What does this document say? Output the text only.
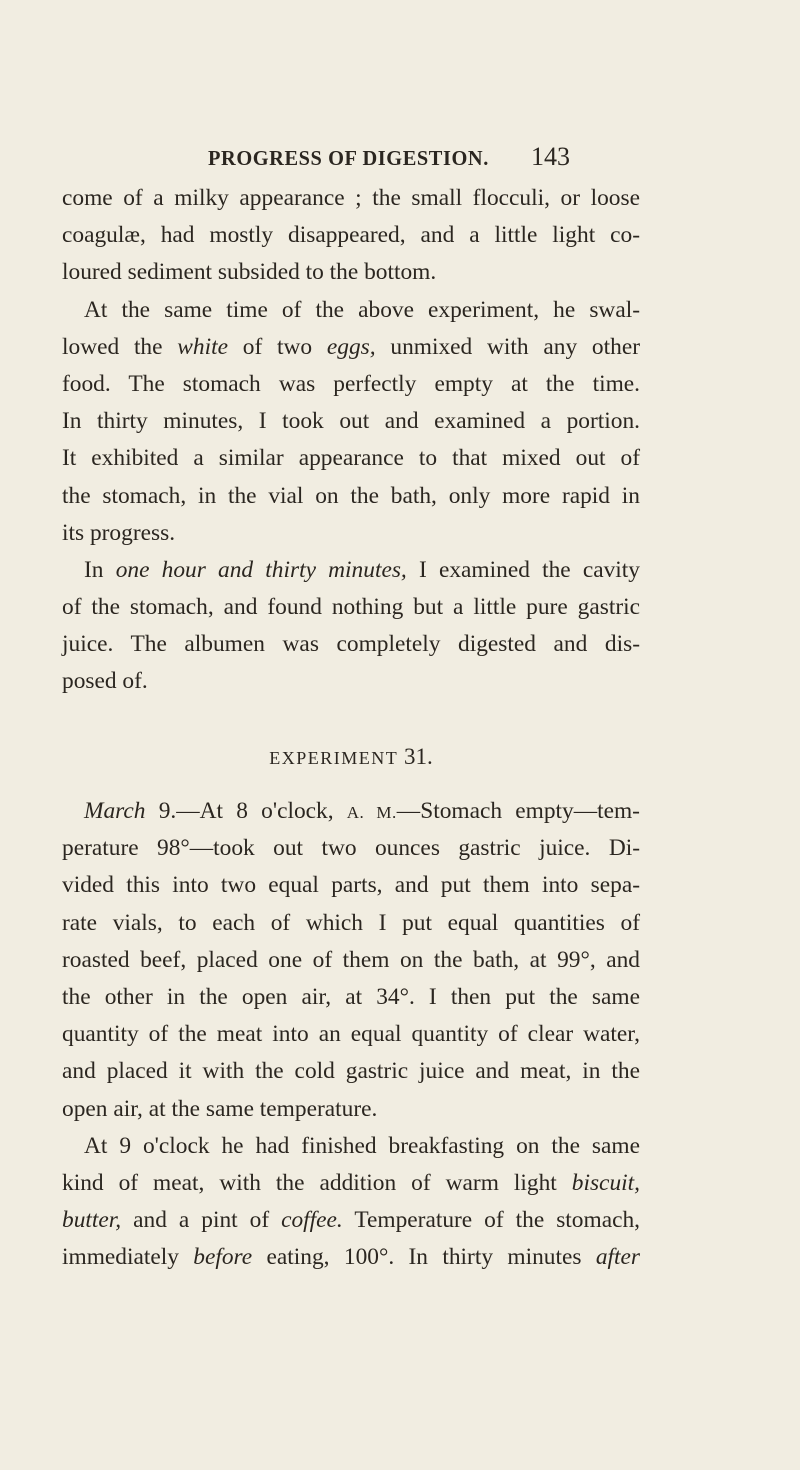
PROGRESS OF DIGESTION. 143
come of a milky appearance ; the small flocculi, or loose
coagulæ, had mostly disappeared, and a little light co-
loured sediment subsided to the bottom.
At the same time of the above experiment, he swal-
lowed the white of two eggs, unmixed with any other
food. The stomach was perfectly empty at the time.
In thirty minutes, I took out and examined a portion.
It exhibited a similar appearance to that mixed out of
the stomach, in the vial on the bath, only more rapid in
its progress.
In one hour and thirty minutes, I examined the cavity
of the stomach, and found nothing but a little pure gastric
juice. The albumen was completely digested and dis-
posed of.
EXPERIMENT 31.
March 9.—At 8 o'clock, A. M.—Stomach empty—tem-
perature 98°—took out two ounces gastric juice. Di-
vided this into two equal parts, and put them into sepa-
rate vials, to each of which I put equal quantities of
roasted beef, placed one of them on the bath, at 99°, and
the other in the open air, at 34°. I then put the same
quantity of the meat into an equal quantity of clear water,
and placed it with the cold gastric juice and meat, in the
open air, at the same temperature.
At 9 o'clock he had finished breakfasting on the same
kind of meat, with the addition of warm light biscuit,
butter, and a pint of coffee. Temperature of the stomach,
immediately before eating, 100°. In thirty minutes after
